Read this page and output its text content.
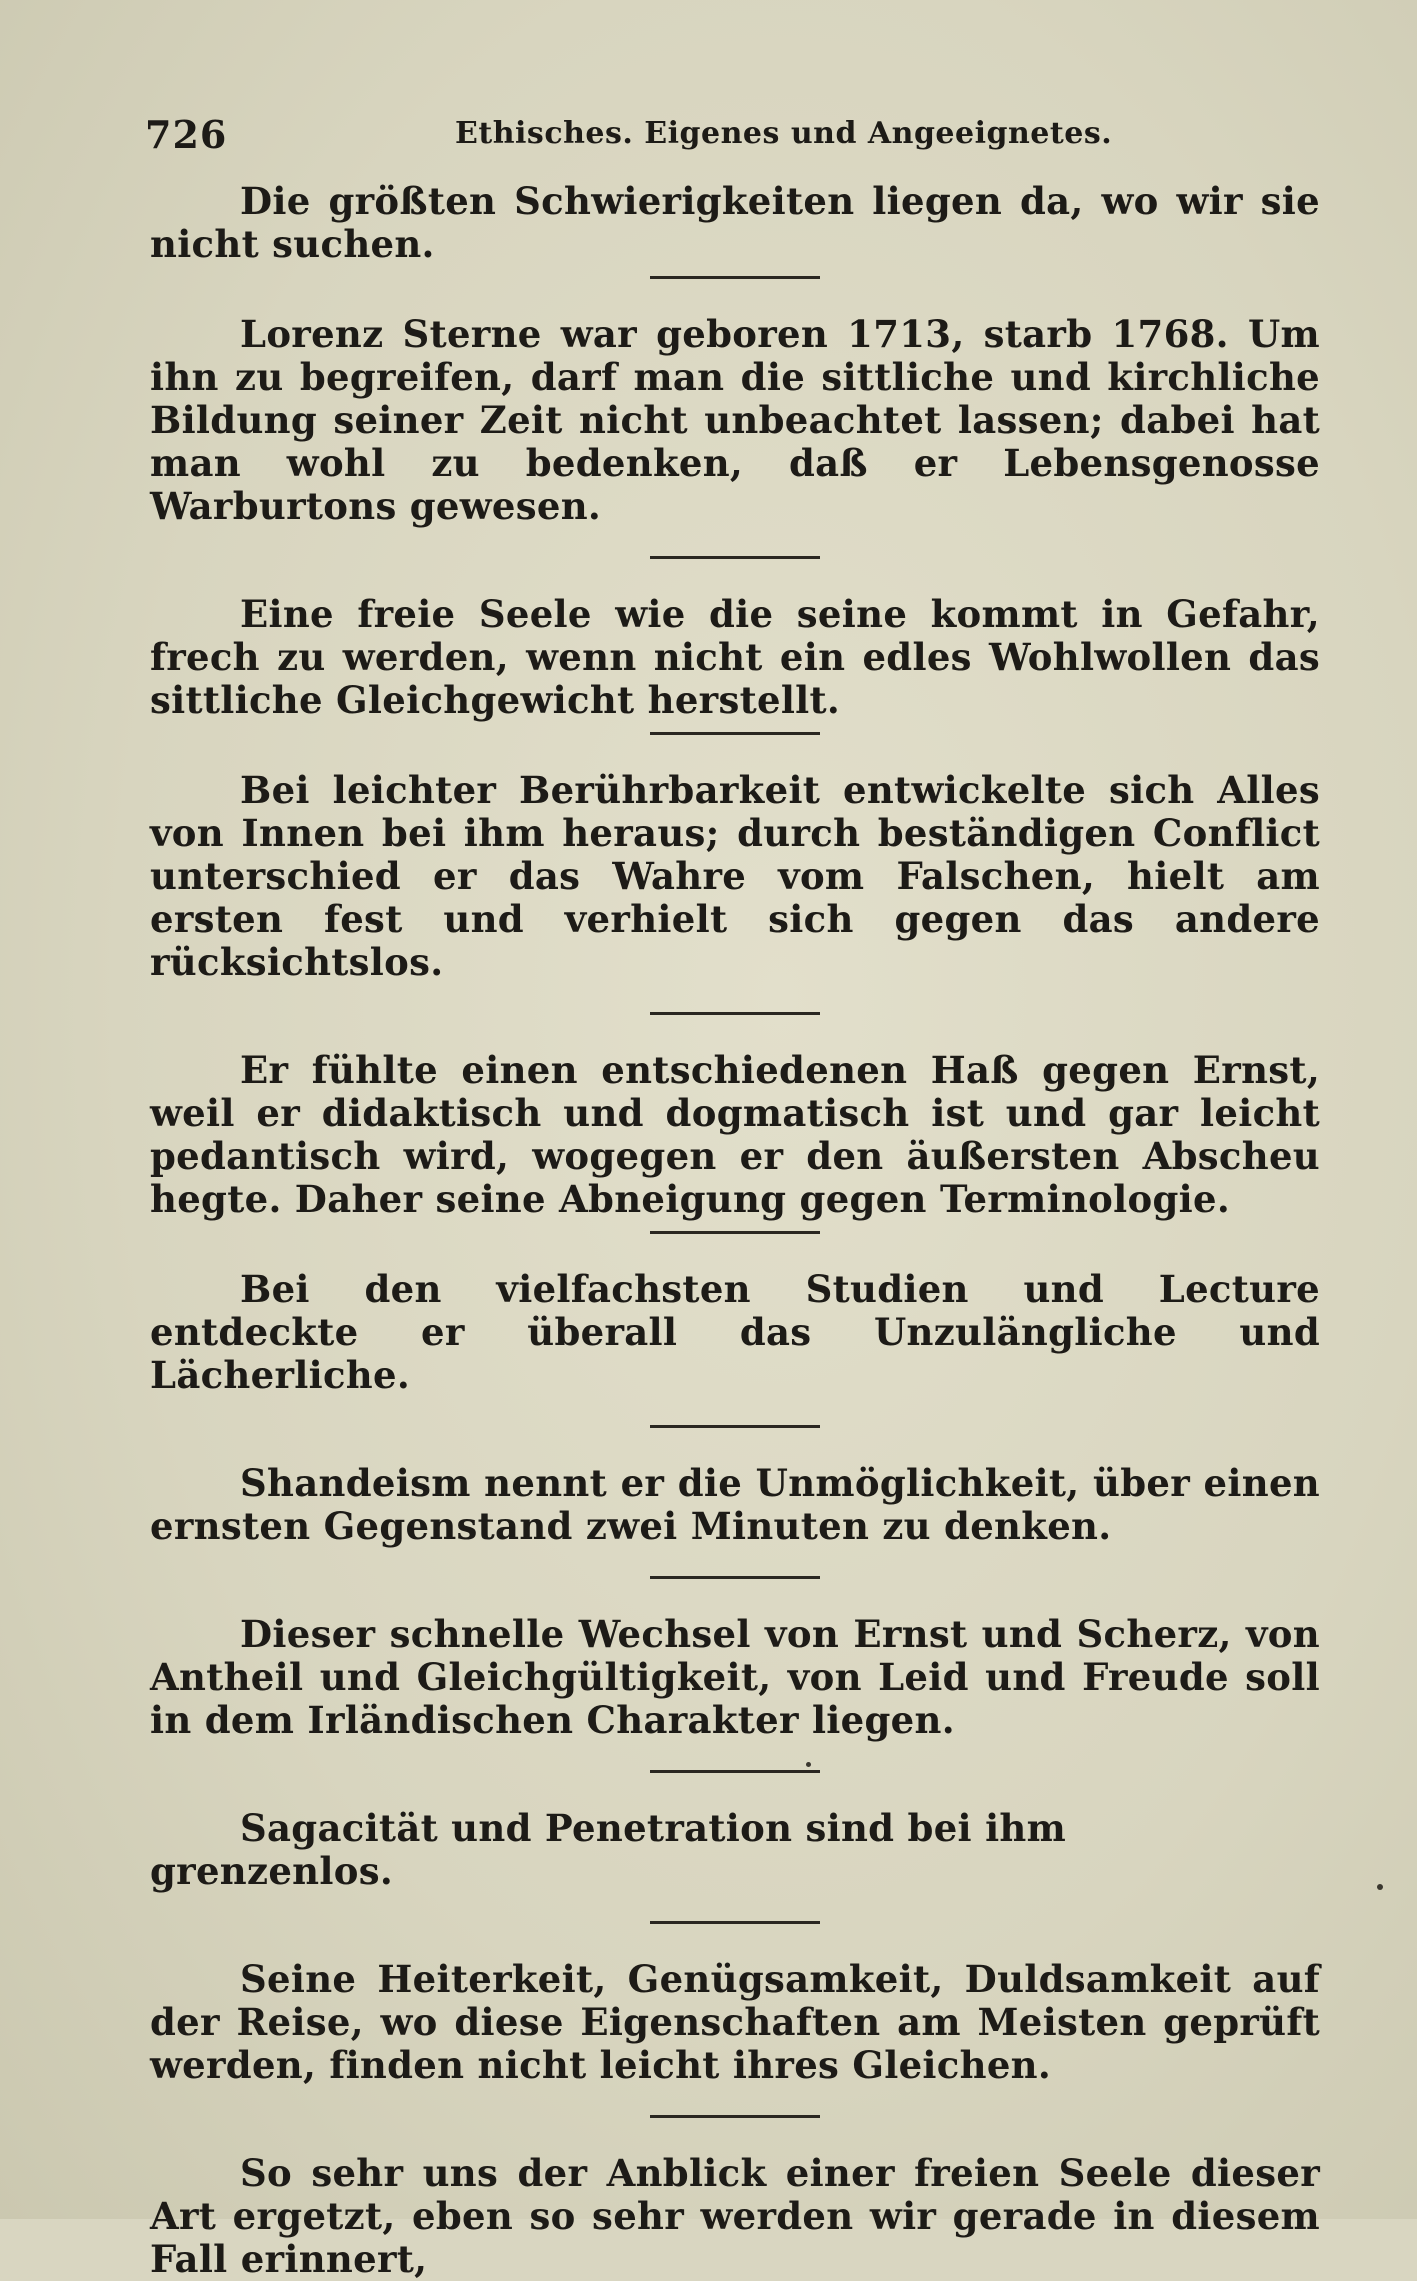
726	Ethisches. Eigenes und Angeeignetes.

Die größten Schwierigkeiten liegen da, wo wir sie nicht suchen.

Lorenz Sterne war geboren 1713, starb 1768. Um ihn zu begreifen, darf man die sittliche und kirchliche Bildung seiner Zeit nicht unbeachtet lassen; dabei hat man wohl zu bedenken, daß er Lebensgenosse Warburtons gewesen.

Eine freie Seele wie die seine kommt in Gefahr, frech zu werden, wenn nicht ein edles Wohlwollen das sittliche Gleichgewicht herstellt.

Bei leichter Berührbarkeit entwickelte sich Alles von Innen bei ihm heraus; durch beständigen Conflict unterschied er das Wahre vom Falschen, hielt am ersten fest und verhielt sich gegen das andere rücksichtslos.

Er fühlte einen entschiedenen Haß gegen Ernst, weil er didaktisch und dogmatisch ist und gar leicht pedantisch wird, wogegen er den äußersten Abscheu hegte. Daher seine Abneigung gegen Terminologie.

Bei den vielfachsten Studien und Lecture entdeckte er überall das Unzulängliche und Lächerliche.

Shandeism nennt er die Unmöglichkeit, über einen ernsten Gegenstand zwei Minuten zu denken.

Dieser schnelle Wechsel von Ernst und Scherz, von Antheil und Gleichgültigkeit, von Leid und Freude soll in dem Irländischen Charakter liegen.

Sagacität und Penetration sind bei ihm grenzenlos.

Seine Heiterkeit, Genügsamkeit, Duldsamkeit auf der Reise, wo diese Eigenschaften am Meisten geprüft werden, finden nicht leicht ihres Gleichen.

So sehr uns der Anblick einer freien Seele dieser Art ergetzt, eben so sehr werden wir gerade in diesem Fall erinnert,
